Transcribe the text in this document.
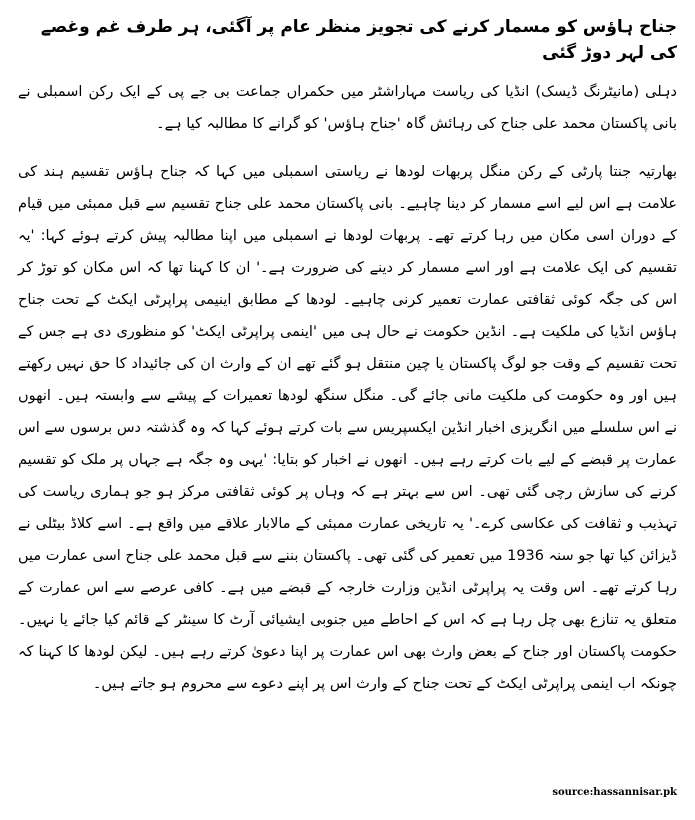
جناح ہاؤس کو مسمار کرنے کی تجویز منظر عام پر آگئی، ہر طرف غم وغصے کی لہر دوڑ گئی

دہلی (مانیٹرنگ ڈیسک) انڈیا کی ریاست مہاراشٹر میں حکمراں جماعت بی جے پی کے ایک رکن اسمبلی نے بانی پاکستان محمد علی جناح کی رہائش گاہ 'جناح ہاؤس' کو گرانے کا مطالبہ کیا ہے۔

بھارتیہ جنتا پارٹی کے رکن منگل پربھات لودھا نے ریاستی اسمبلی میں کہا کہ جناح ہاؤس تقسیم ہند کی علامت ہے اس لیے اسے مسمار کر دینا چاہیے۔ بانی پاکستان محمد علی جناح تقسیم سے قبل ممبئی میں قیام کے دوران اسی مکان میں رہا کرتے تھے۔ پربھات لودھا نے اسمبلی میں اپنا مطالبہ پیش کرتے ہوئے کہا: 'یہ تقسیم کی ایک علامت ہے اور اسے مسمار کر دینے کی ضرورت ہے۔' ان کا کہنا تھا کہ اس مکان کو توڑ کر اس کی جگہ کوئی ثقافتی عمارت تعمیر کرنی چاہیے۔ لودھا کے مطابق اینیمی پراپرٹی ایکٹ کے تحت جناح ہاؤس انڈیا کی ملکیت ہے۔ انڈین حکومت نے حال ہی میں 'اینمی پراپرٹی ایکٹ' کو منظوری دی ہے جس کے تحت تقسیم کے وقت جو لوگ پاکستان یا چین منتقل ہو گئے تھے ان کے وارث ان کی جائیداد کا حق نہیں رکھتے ہیں اور وہ حکومت کی ملکیت مانی جائے گی۔ منگل سنگھ لودھا تعمیرات کے پیشے سے وابستہ ہیں۔ انھوں نے اس سلسلے میں انگریزی اخبار انڈین ایکسپریس سے بات کرتے ہوئے کہا کہ وہ گذشتہ دس برسوں سے اس عمارت پر قبضے کے لیے بات کرتے رہے ہیں۔ انھوں نے اخبار کو بتایا: 'یہی وہ جگہ ہے جہاں پر ملک کو تقسیم کرنے کی سازش رچی گئی تھی۔ اس سے بہتر ہے کہ وہاں پر کوئی ثقافتی مرکز ہو جو ہماری ریاست کی تہذیب و ثقافت کی عکاسی کرے۔' یہ تاریخی عمارت ممبئی کے مالابار علاقے میں واقع ہے۔ اسے کلاڈ بیٹلی نے ڈیزائن کیا تھا جو سنہ 1936 میں تعمیر کی گئی تھی۔ پاکستان بننے سے قبل محمد علی جناح اسی عمارت میں رہا کرتے تھے۔ اس وقت یہ پراپرٹی انڈین وزارت خارجہ کے قبضے میں ہے۔ کافی عرصے سے اس عمارت کے متعلق یہ تنازع بھی چل رہا ہے کہ اس کے احاطے میں جنوبی ایشیائی آرٹ کا سینٹر کے قائم کیا جائے یا نہیں۔ حکومت پاکستان اور جناح کے بعض وارث بھی اس عمارت پر اپنا دعویٰ کرتے رہے ہیں۔ لیکن لودھا کا کہنا کہ چونکہ اب اینمی پراپرٹی ایکٹ کے تحت جناح کے وارث اس پر اپنے دعوے سے محروم ہو جاتے ہیں۔

source:hassannisar.pk
